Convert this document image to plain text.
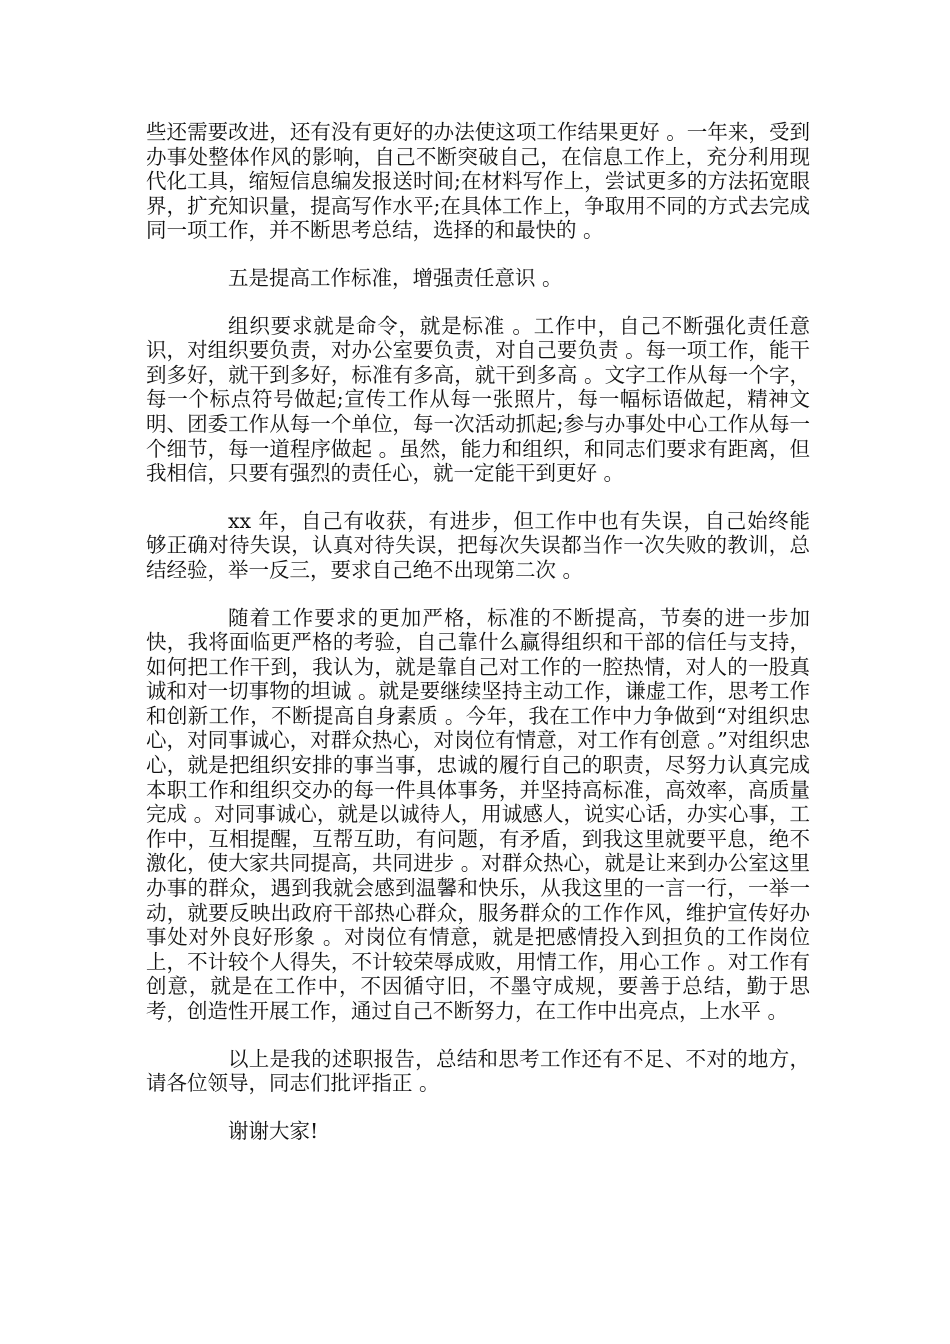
些还需要改进，还有没有更好的办法使这项工作结果更好 。一年来，受到办事处整体作风的影响，自己不断突破自己，在信息工作上，充分利用现代化工具，缩短信息编发报送时间;在材料写作上，尝试更多的方法拓宽眼界，扩充知识量，提高写作水平;在具体工作上，争取用不同的方式去完成同一项工作，并不断思考总结，选择的和最快的 。

五是提高工作标准，增强责任意识 。

组织要求就是命令，就是标准 。工作中，自己不断强化责任意识，对组织要负责，对办公室要负责，对自己要负责 。每一项工作，能干到多好，就干到多好，标准有多高，就干到多高 。文字工作从每一个字，每一个标点符号做起;宣传工作从每一张照片，每一幅标语做起，精神文明、团委工作从每一个单位，每一次活动抓起;参与办事处中心工作从每一个细节，每一道程序做起 。虽然，能力和组织，和同志们要求有距离，但我相信，只要有强烈的责任心，就一定能干到更好 。

xx 年，自己有收获，有进步，但工作中也有失误，自己始终能够正确对待失误，认真对待失误，把每次失误都当作一次失败的教训，总结经验，举一反三，要求自己绝不出现第二次 。

随着工作要求的更加严格，标准的不断提高，节奏的进一步加快，我将面临更严格的考验，自己靠什么赢得组织和干部的信任与支持，如何把工作干到，我认为，就是靠自己对工作的一腔热情，对人的一股真诚和对一切事物的坦诚 。就是要继续坚持主动工作，谦虚工作，思考工作和创新工作，不断提高自身素质 。今年，我在工作中力争做到“对组织忠心，对同事诚心，对群众热心，对岗位有情意，对工作有创意 。”对组织忠心，就是把组织安排的事当事，忠诚的履行自己的职责，尽努力认真完成本职工作和组织交办的每一件具体事务，并坚持高标准，高效率，高质量完成 。对同事诚心，就是以诚待人，用诚感人，说实心话，办实心事，工作中，互相提醒，互帮互助，有问题，有矛盾，到我这里就要平息，绝不激化，使大家共同提高，共同进步 。对群众热心，就是让来到办公室这里办事的群众，遇到我就会感到温馨和快乐，从我这里的一言一行，一举一动，就要反映出政府干部热心群众，服务群众的工作作风，维护宣传好办事处对外良好形象 。对岗位有情意，就是把感情投入到担负的工作岗位上，不计较个人得失，不计较荣辱成败，用情工作，用心工作 。对工作有创意，就是在工作中，不因循守旧，不墨守成规，要善于总结，勤于思考，创造性开展工作，通过自己不断努力，在工作中出亮点，上水平 。

以上是我的述职报告，总结和思考工作还有不足、不对的地方，请各位领导，同志们批评指正 。

谢谢大家!
